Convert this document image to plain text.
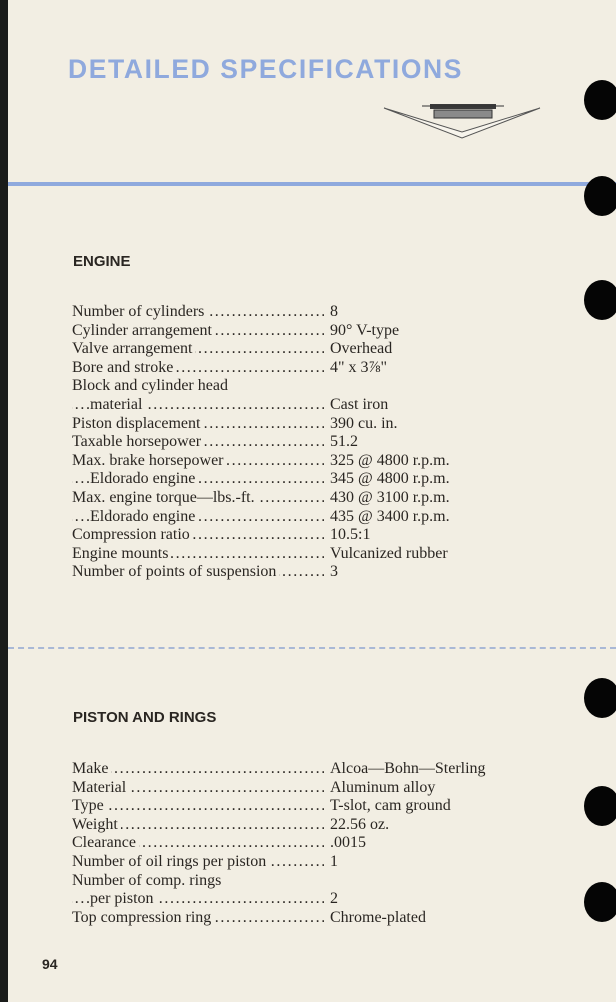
DETAILED SPECIFICATIONS
ENGINE
Number of cylinders . . .	8
Cylinder arrangement . . .	90° V-type
Valve arrangement . . .	Overhead
Bore and stroke . . .	4" x 3⅞"
Block and cylinder head
material . . .	Cast iron
Piston displacement . . .	390 cu. in.
Taxable horsepower . . .	51.2
Max. brake horsepower . . .	325 @ 4800 r.p.m.
Eldorado engine . . .	345 @ 4800 r.p.m.
Max. engine torque—lbs.-ft. . . .	430 @ 3100 r.p.m.
Eldorado engine . . .	435 @ 3400 r.p.m.
Compression ratio . . .	10.5:1
Engine mounts . . .	Vulcanized rubber
Number of points of suspension . . .	3
PISTON AND RINGS
Make . . .	Alcoa—Bohn—Sterling
Material . . .	Aluminum alloy
Type . . .	T-slot, cam ground
Weight . . .	22.56 oz.
Clearance . . .	.0015
Number of oil rings per piston . . .	1
Number of comp. rings
per piston . . .	2
Top compression ring . . .	Chrome-plated
94
